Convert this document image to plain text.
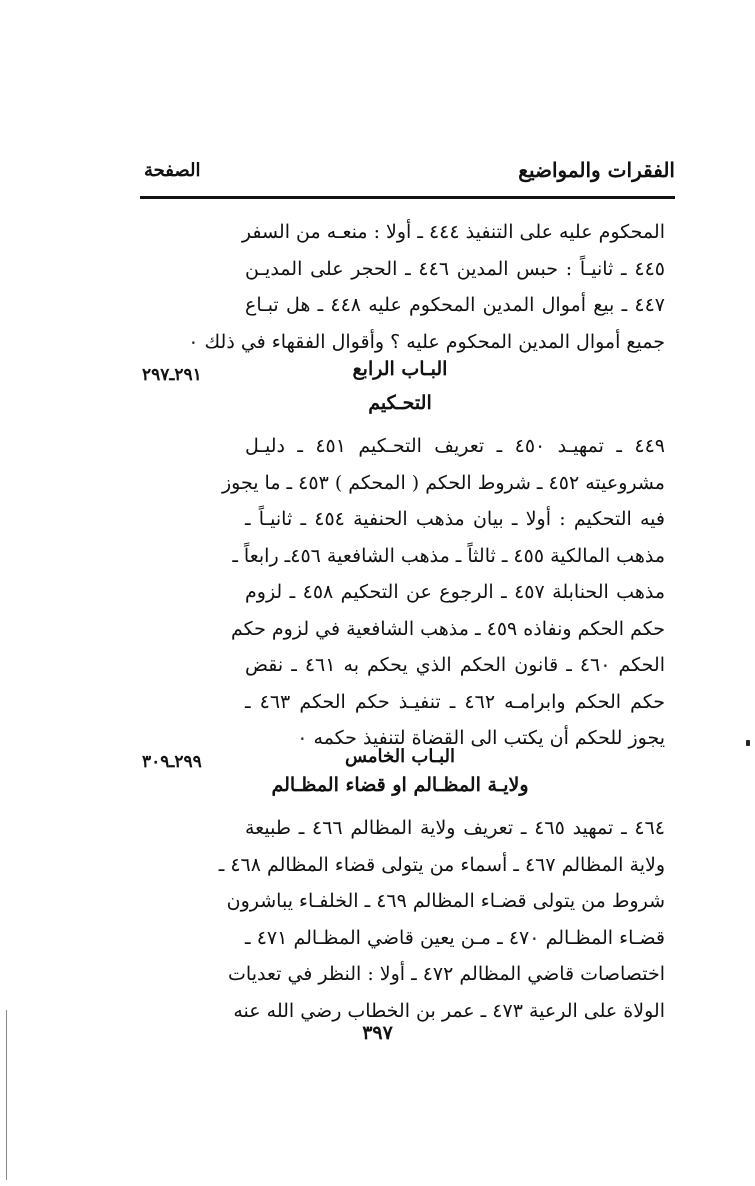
الفقرات والمواضيع
الصفحة
المحكوم عليه على التنفيذ ٤٤٤ ـ أولا : منعـه من السفر
٤٤٥ ـ ثانيـاً : حبس المدين ٤٤٦ ـ الحجر على المديـن
٤٤٧ ـ بيع أموال المدين المحكوم عليه ٤٤٨ ـ هل تبـاع
جميع أموال المدين المحكوم عليه ؟ وأقوال الفقهاء في ذلك ٠
٢٩١ـ٢٩٧	البـاب الرابع
التحـكيم
٤٤٩ ـ تمهيـد ٤٥٠ ـ تعريف التحـكيم ٤٥١ ـ دليـل
مشروعيته ٤٥٢ ـ شروط الحكم ( المحكم ) ٤٥٣ ـ ما يجوز
فيه التحكيم : أولا ـ بيان مذهب الحنفية ٤٥٤ ـ ثانيـاً ـ
مذهب المالكية ٤٥٥ ـ ثالثاً ـ مذهب الشافعية ٤٥٦ـ رابعاً ـ
مذهب الحنابلة ٤٥٧ ـ الرجوع عن التحكيم ٤٥٨ ـ لزوم
حكم الحكم ونفاذه ٤٥٩ ـ مذهب الشافعية في لزوم حكم
الحكم ٤٦٠ ـ قانون الحكم الذي يحكم به ٤٦١ ـ نقض
حكم الحكم وابرامـه ٤٦٢ ـ تنفيـذ حكم الحكم ٤٦٣ ـ
يجوز للحكم أن يكتب الى القضاة لتنفيذ حكمه ٠
٢٩٩ـ٣٠٩	البـاب الخامس
ولايـة المظـالم او قضاء المظـالم
٤٦٤ ـ تمهيد ٤٦٥ ـ تعريف ولاية المظالم ٤٦٦ ـ طبيعة
ولاية المظالم ٤٦٧ ـ أسماء من يتولى قضاء المظالم ٤٦٨ ـ
شروط من يتولى قضـاء المظالم ٤٦٩ ـ الخلفـاء يباشرون
قضـاء المظـالم ٤٧٠ ـ مـن يعين قاضي المظـالم ٤٧١ ـ
اختصاصات قاضي المظالم ٤٧٢ ـ أولا : النظر في تعديات
الولاة على الرعية ٤٧٣ ـ عمر بن الخطاب رضي الله عنه
٣٩٧
